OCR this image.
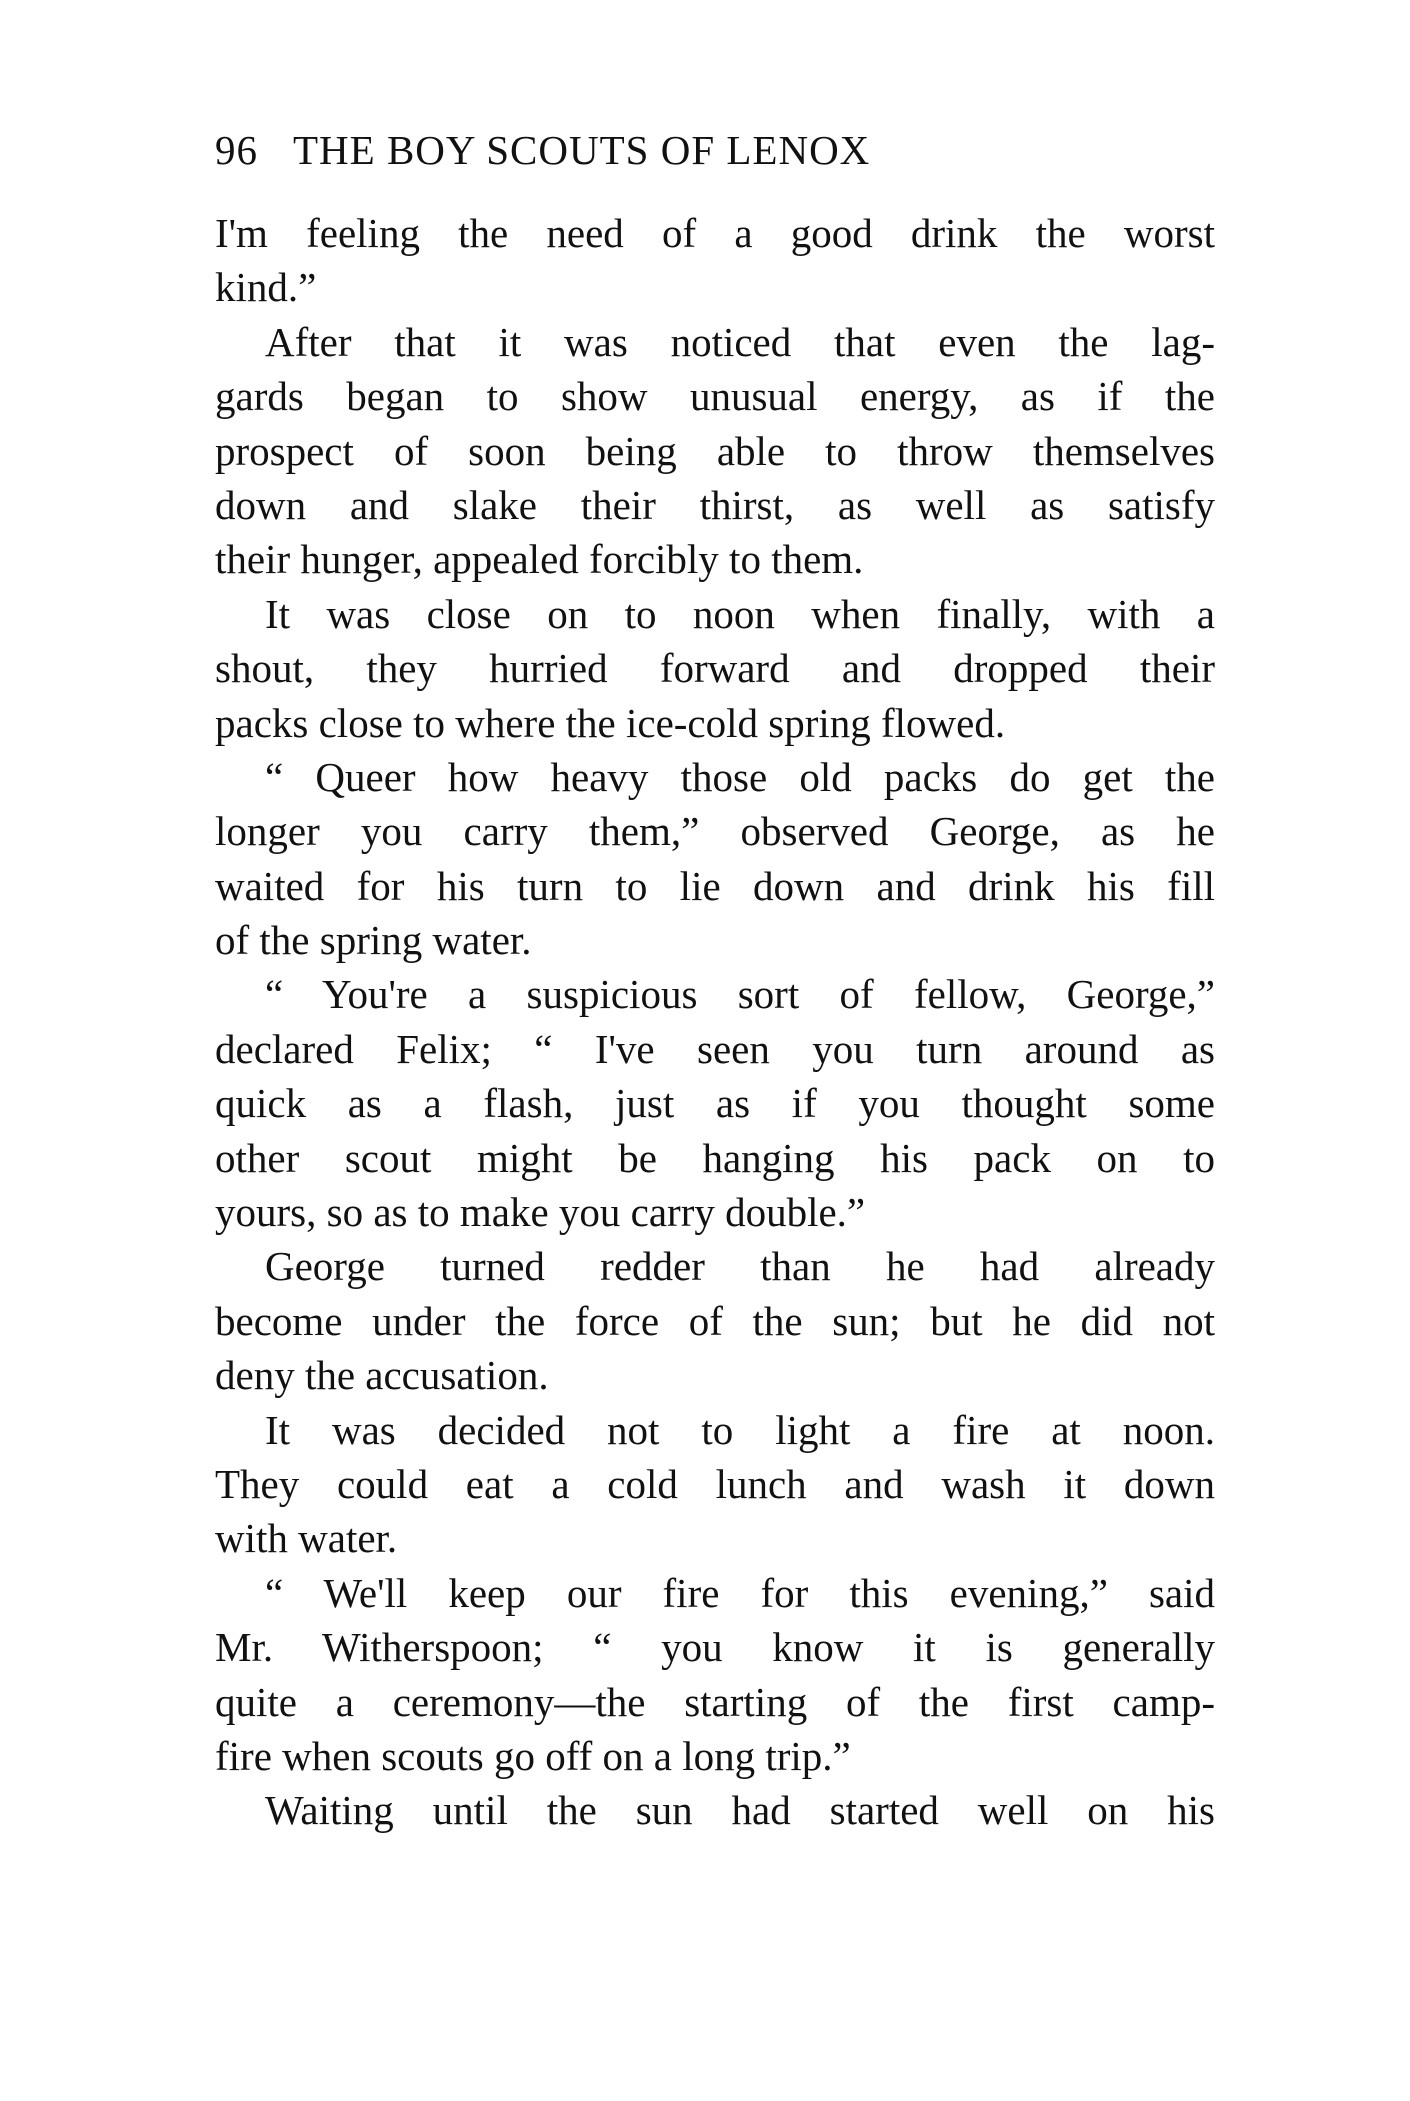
96 THE BOY SCOUTS OF LENOX
I'm feeling the need of a good drink the worst
kind.”
After that it was noticed that even the lag-
gards began to show unusual energy, as if the
prospect of soon being able to throw themselves
down and slake their thirst, as well as satisfy
their hunger, appealed forcibly to them.
It was close on to noon when finally, with a
shout, they hurried forward and dropped their
packs close to where the ice-cold spring flowed.
“ Queer how heavy those old packs do get the
longer you carry them,” observed George, as he
waited for his turn to lie down and drink his fill
of the spring water.
“ You're a suspicious sort of fellow, George,”
declared Felix; “ I've seen you turn around as
quick as a flash, just as if you thought some
other scout might be hanging his pack on to
yours, so as to make you carry double.”
George turned redder than he had already
become under the force of the sun; but he did not
deny the accusation.
It was decided not to light a fire at noon.
They could eat a cold lunch and wash it down
with water.
“ We'll keep our fire for this evening,” said
Mr. Witherspoon; “ you know it is generally
quite a ceremony—the starting of the first camp-
fire when scouts go off on a long trip.”
Waiting until the sun had started well on his
